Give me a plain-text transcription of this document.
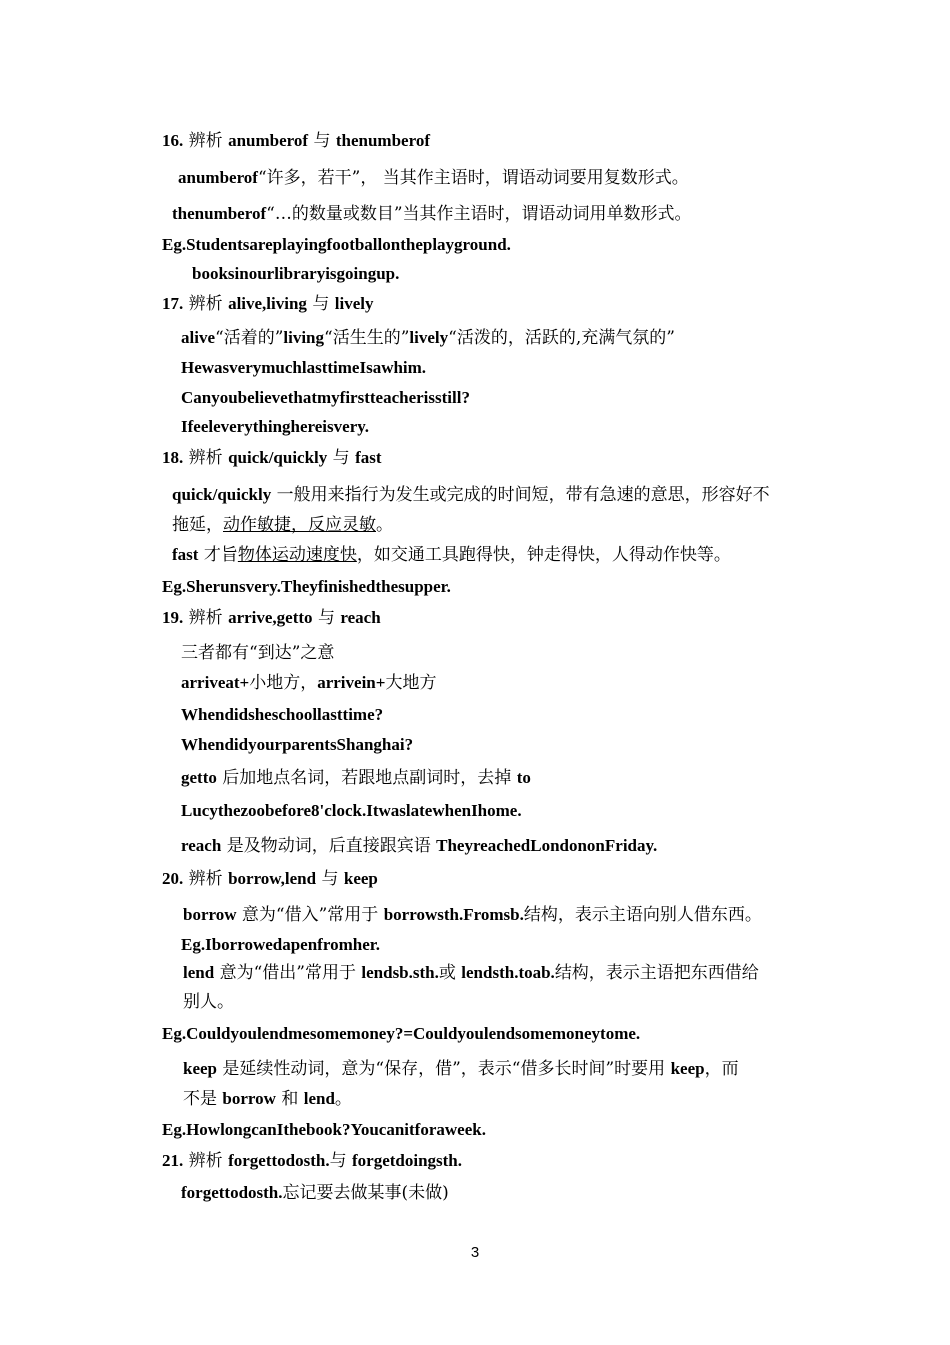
16. 辨析 anumberof 与 thenumberof
anumberof“许多，若干”， 当其作主语时，谓语动词要用复数形式。
thenumberof“…的数量或数目”当其作主语时，谓语动词用单数形式。
Eg.Studentsareplayingfootballontheplayground.
booksinourlibraryisgoingup.
17. 辨析 alive,living 与 lively
alive“活着的”living“活生生的”lively“活泼的，活跃的,充满气氛的”
HewasverymuchlasttimeIsawhim.
Canyoubelievethatmyfirstteacherisstill?
Ifeeleverythinghereisvery.
18. 辨析 quick/quickly 与 fast
quick/quickly 一般用来指行为发生或完成的时间短，带有急速的意思，形容好不
拖延，动作敏捷，反应灵敏。
fast 才旨物体运动速度快，如交通工具跑得快，钟走得快，人得动作快等。
Eg.Sherunsvery.Theyfinishedthesupper.
19. 辨析 arrive,getto 与 reach
三者都有“到达”之意
arriveat+小地方，arrivein+大地方
Whendidsheschoollasttime?
WhendidyourparentsShanghai?
getto 后加地点名词，若跟地点副词时，去掉 to
Lucythezoobefore8'clock.ItwaslatewhenIhome.
reach 是及物动词，后直接跟宾语 TheyreachedLondononFriday.
20. 辨析 borrow,lend 与 keep
borrow 意为“借入”常用于 borrowsth.Fromsb.结构，表示主语向别人借东西。
Eg.Iborrowedapenfromher.
lend 意为“借出”常用于 lendsb.sth.或 lendsth.toab.结构，表示主语把东西借给
别人。
Eg.Couldyoulendmesomemoney?=Couldyoulendsomemoneytome.
keep 是延续性动词，意为“保存，借”，表示“借多长时间”时要用 keep，而
不是 borrow 和 lend。
Eg.HowlongcanIthebook?Youcanitforaweek.
21. 辨析 forgettodosth.与 forgetdoingsth.
forgettodosth.忘记要去做某事(未做)
3
